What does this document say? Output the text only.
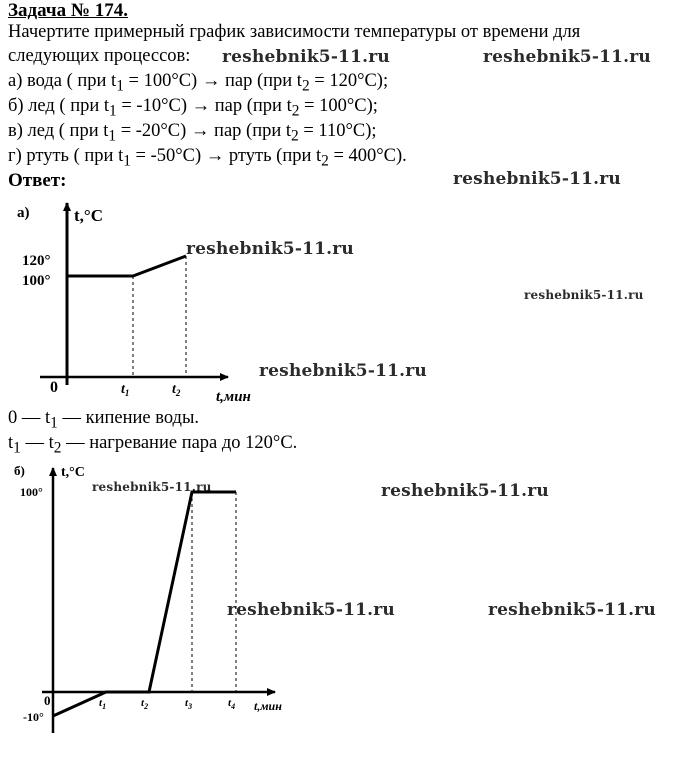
Задача № 174.
Начертите примерный график зависимости температуры от времени для
следующих процессов:
а) вода ( при $t_1 = 100^\circ C$) → пар (при $t_2 = 120^\circ C$);
б) лед ( при $t_1 = -10^\circ C$) → пар (при $t_2 = 100^\circ C$);
в) лед ( при $t_1 = -20^\circ C$) → пар (при $t_2 = 110^\circ C$);
г) ртуть ( при $t_1 = -50^\circ C$) → ртуть (при $t_2 = 400^\circ C$).
Ответ:
reshebnik5-11.ru	reshebnik5-11.ru
reshebnik5-11.ru
reshebnik5-11.ru
reshebnik5-11.ru
reshebnik5-11.ru
reshebnik5-11.ru	reshebnik5-11.ru
reshebnik5-11.ru	reshebnik5-11.ru
а)	t,°C
t,мин
0
120°
100°
$t_1$	$t_2$
0 — $t_1$ — кипение воды.
$t_1$ — $t_2$ — нагревание пара до 120°C.
б)	t,°C
t,мин
0
100°
-10°
$t_1$	$t_2$	$t_3$	$t_4$
